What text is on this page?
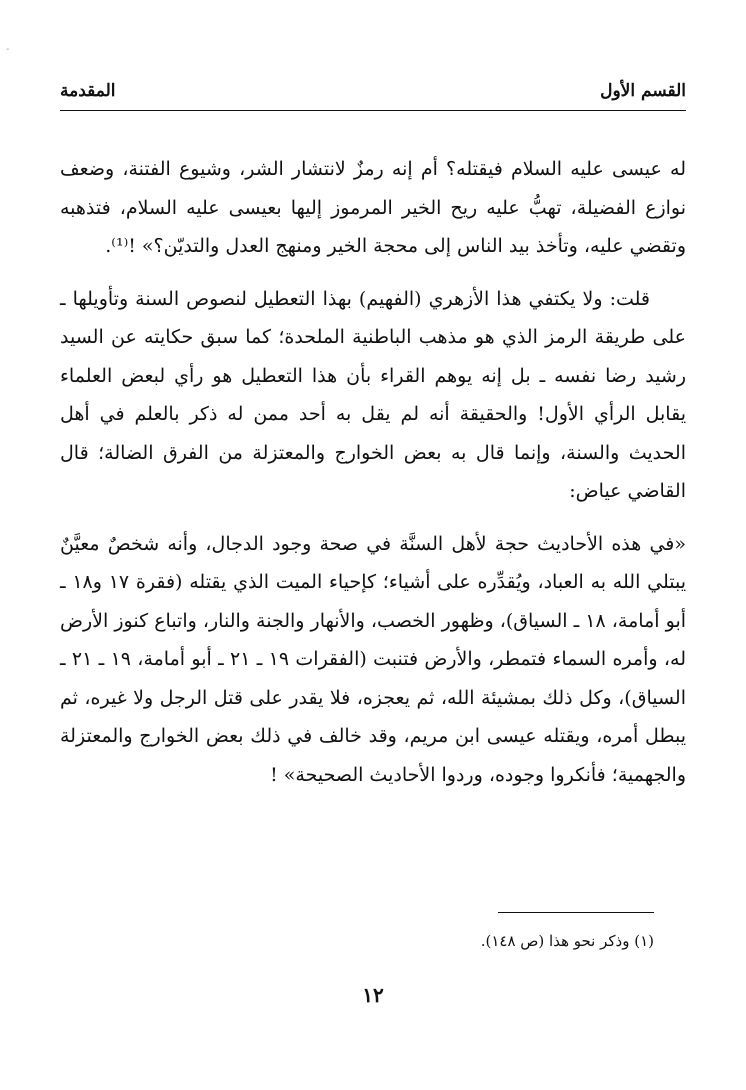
-
القسم الأول
المقدمة

له عيسى عليه السلام فيقتله؟ أم إنه رمزٌ لانتشار الشر، وشيوع الفتنة، وضعف نوازع الفضيلة، تهبُّ عليه ريح الخير المرموز إليها بعيسى عليه السلام، فتذهبه وتقضي عليه، وتأخذ بيد الناس إلى محجة الخير ومنهج العدل والتديّن؟» !⁽¹⁾.

قلت: ولا يكتفي هذا الأزهري (الفهيم) بهذا التعطيل لنصوص السنة وتأويلها ـ على طريقة الرمز الذي هو مذهب الباطنية الملحدة؛ كما سبق حكايته عن السيد رشيد رضا نفسه ـ بل إنه يوهم القراء بأن هذا التعطيل هو رأي لبعض العلماء يقابل الرأي الأول! والحقيقة أنه لم يقل به أحد ممن له ذكر بالعلم في أهل الحديث والسنة، وإنما قال به بعض الخوارج والمعتزلة من الفرق الضالة؛ قال القاضي عياض:

«في هذه الأحاديث حجة لأهل السنَّة في صحة وجود الدجال، وأنه شخصٌ معيَّنٌ يبتلي الله به العباد، ويُقدِّره على أشياء؛ كإحياء الميت الذي يقتله (فقرة ١٧ و١٨ ـ أبو أمامة، ١٨ ـ السياق)، وظهور الخصب، والأنهار والجنة والنار، واتباع كنوز الأرض له، وأمره السماء فتمطر، والأرض فتنبت (الفقرات ١٩ ـ ٢١ ـ أبو أمامة، ١٩ ـ ٢١ ـ السياق)، وكل ذلك بمشيئة الله، ثم يعجزه، فلا يقدر على قتل الرجل ولا غيره، ثم يبطل أمره، ويقتله عيسى ابن مريم، وقد خالف في ذلك بعض الخوارج والمعتزلة والجهمية؛ فأنكروا وجوده، وردوا الأحاديث الصحيحة» !

(١) وذكر نحو هذا (ص ١٤٨).
١٢
